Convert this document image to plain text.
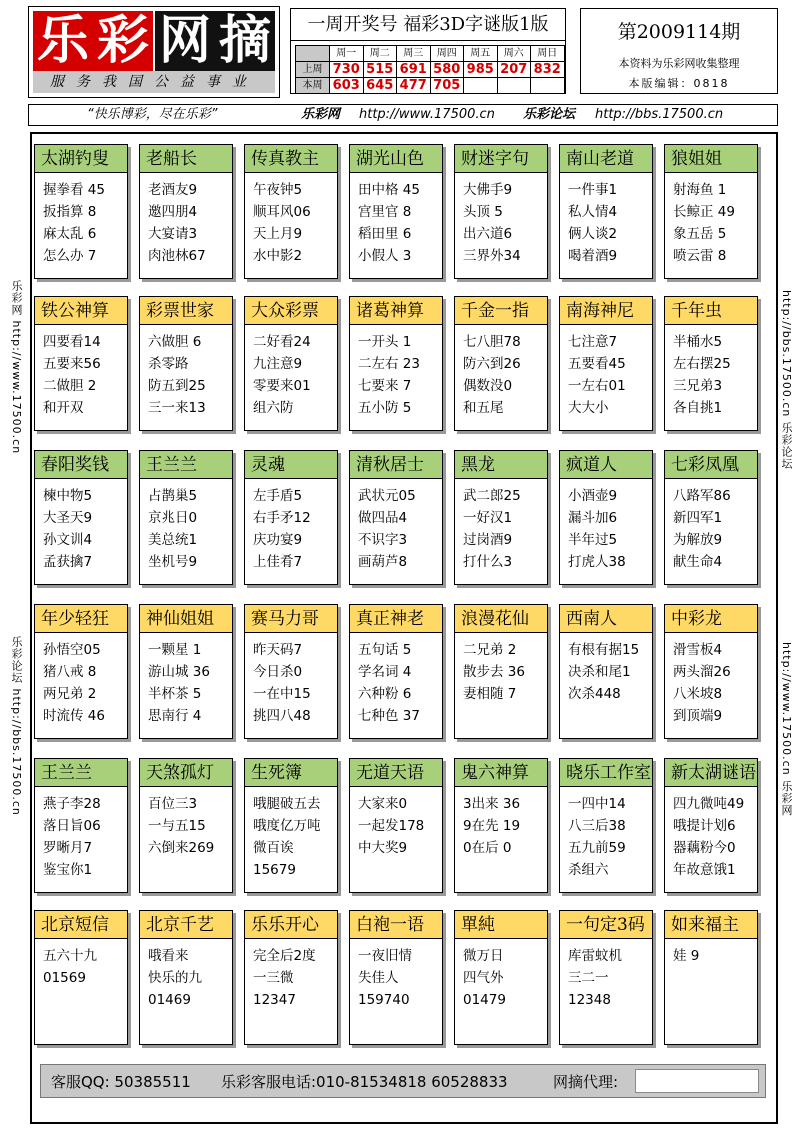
乐 彩 网 摘
服务我国公益事业
一周开奖号 福彩3D字谜版1版
	周一	周二	周三	周四	周五	周六	周日
上周	730	515	691	580	985	207	832
本周	603	645	477	705			
第2009114期
本资料为乐彩网收集整理
本版编辑：0818
“快乐博彩，尽在乐彩”	乐彩网 http://www.17500.cn 乐彩论坛 http://bbs.17500.cn
乐彩网 http://www.17500.cn
乐彩论坛 http://bbs.17500.cn
http://bbs.17500.cn 乐彩论坛
http://www.17500.cn 乐彩网
太湖钓叟
握拳看 45
扳指算 8
麻太乱 6
怎么办 7
老船长
老酒友9
邀四朋4
大宴请3
肉池林67
传真教主
午夜钟5
顺耳风06
天上月9
水中影2
湖光山色
田中格 45
宫里官 8
稻田里 6
小假人 3
财迷字句
大佛手9
头顶 5
出六道6
三界外34
南山老道
一件事1
私人情4
俩人谈2
喝着酒9
狼姐姐
射海鱼 1
长鲸正 49
象五岳 5
喷云雷 8
铁公神算
四要看14
五要来56
二做胆 2
和开双
彩票世家
六做胆 6
杀零路
防五到25
三一来13
大众彩票
二好看24
九注意9
零要来01
组六防
诸葛神算
一开头 1
二左右 23
七要来 7
五小防 5
千金一指
七八胆78
防六到26
偶数没0
和五尾
南海神尼
七注意7
五要看45
一左右01
大大小
千年虫
半桶水5
左右摆25
三兄弟3
各自挑1
春阳奖钱
楝中物5
大圣天9
孙文训4
孟获擒7
王兰兰
占鹊巢5
京兆日0
美总统1
坐机号9
灵魂
左手盾5
右手矛12
庆功宴9
上佳肴7
清秋居士
武状元05
做四品4
不识字3
画葫芦8
黑龙
武二郎25
一好汉1
过岗酒9
打什么3
疯道人
小酒壶9
漏斗加6
半年过5
打虎人38
七彩凤凰
八路军86
新四军1
为解放9
献生命4
年少轻狂
孙悟空05
猪八戒 8
两兄弟 2
时流传 46
神仙姐姐
一颗星 1
游山城 36
半杯茶 5
思南行 4
赛马力哥
昨天码7
今日杀0
一在中15
挑四八48
真正神老
五句话 5
学名词 4
六种粉 6
七种色 37
浪漫花仙
二兄弟 2
散步去 36
妻相随 7
西南人
有根有据15
决杀和尾1
次杀448
中彩龙
滑雪板4
两头溜26
八米坡8
到顶端9
王兰兰
燕子李28
落日旨06
罗晰月7
鉴宝你1
天煞孤灯
百位三3
一与五15
六倒来269
生死簿
哦腿破五去
哦度亿万吨
微百诶
15679
无道天语
大家来0
一起发178
中大奖9
鬼六神算
3出来 36
9在先 19
0在后 0
晓乐工作室
一四中14
八三后38
五九前59
杀组六
新太湖谜语
四九微吨49
哦提计划6
器藕粉今0
年故意饿1
北京短信
五六十九
01569
北京千艺
哦看来
快乐的九
01469
乐乐开心
完全后2度
一三微
12347
白袍一语
一夜旧情
失佳人
159740
單純
微万日
四气外
01479
一句定3码
库雷蚊机
三二一
12348
如来福主
娃 9
客服QQ: 50385511 乐彩客服电话:010-81534818 60528833	网摘代理:
